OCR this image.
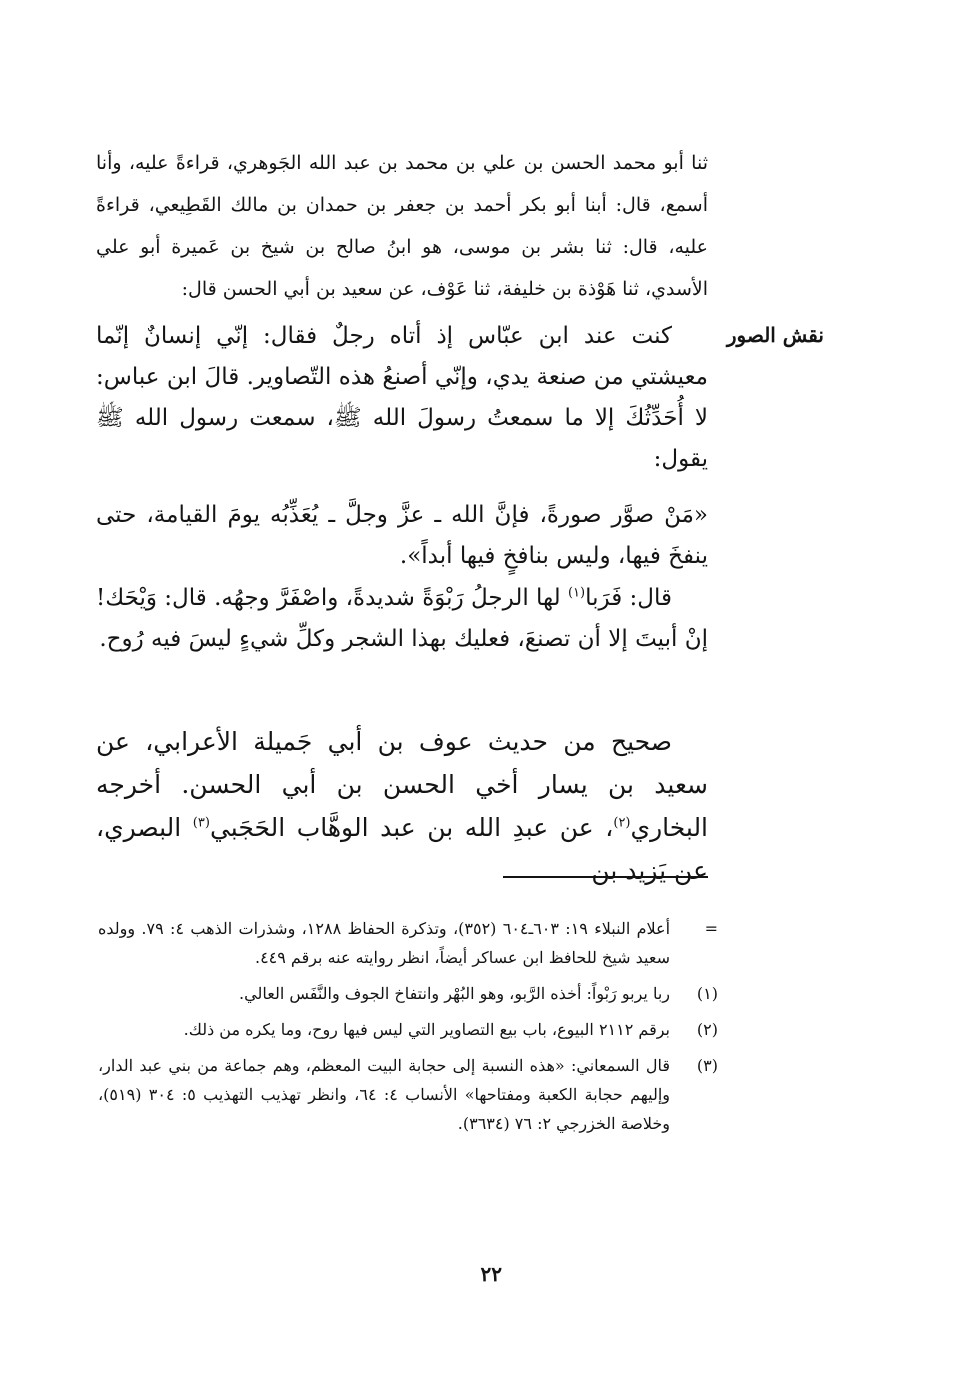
نقش الصور
ثنا أبو محمد الحسن بن علي بن محمد بن عبد الله الجَوهري، قراءةً عليه، وأنا أسمع، قال: أبنا أبو بكر أحمد بن جعفر بن حمدان بن مالك القَطِيعي، قراءةً عليه، قال: ثنا بشر بن موسى، هو ابنُ صالح بن شيخ بن عَميرة أبو علي الأسدي، ثنا هَوْذة بن خليفة، ثنا عَوْف، عن سعيد بن أبي الحسن قال:
كنت عند ابن عبّاس إذ أتاه رجلٌ فقال: إنّي إنسانٌ إنّما معيشتي من صنعة يدي، وإنّي أصنعُ هذه التّصاوير. قالَ ابن عباس: لا أُحَدِّثُكَ إلا ما سمعتُ رسولَ الله ﷺ، سمعت رسول الله ﷺ يقول:
«مَنْ صوَّر صورةً، فإنَّ الله ـ عزَّ وجلَّ ـ يُعَذِّبُه يومَ القيامة، حتى ينفخَ فيها، وليس بنافخٍ فيها أبداً».
قال: فَرَبا$^{(١)}$ لها الرجلُ رَبْوَةً شديدةً، واصْفَرَّ وجهُه. قال: وَيْحَك! إنْ أبيتَ إلا أن تصنعَ، فعليك بهذا الشجر وكلِّ شيءٍ ليسَ فيه رُوح.
صحيح من حديث عوف بن أبي جَميلة الأعرابي، عن سعيد بن يسار أخي الحسن بن أبي الحسن. أخرجه البخاري$^{(٢)}$، عن عبدِ الله بن عبد الوهَّاب الحَجَبي$^{(٣)}$ البصري، عن يَزيد بن
=
أعلام النبلاء ١٩: ٦٠٣ـ٦٠٤ (٣٥٢)، وتذكرة الحفاظ ١٢٨٨، وشذرات الذهب ٤: ٧٩. وولده سعيد شيخ للحافظ ابن عساكر أيضاً، انظر روايته عنه برقم ٤٤٩.
(١)
ربا يربو رَبْواً: أخذه الرَّبو، وهو البُهْر وانتفاخ الجوف والنَّفَس العالي.
(٢)
برقم ٢١١٢ البيوع، باب بيع التصاوير التي ليس فيها روح، وما يكره من ذلك.
(٣)
قال السمعاني: «هذه النسبة إلى حجابة البيت المعظم، وهم جماعة من بني عبد الدار، وإليهم حجابة الكعبة ومفتاحها» الأنساب ٤: ٦٤، وانظر تهذيب التهذيب ٥: ٣٠٤ (٥١٩)، وخلاصة الخزرجي ٢: ٧٦ (٣٦٣٤).
٢٢
